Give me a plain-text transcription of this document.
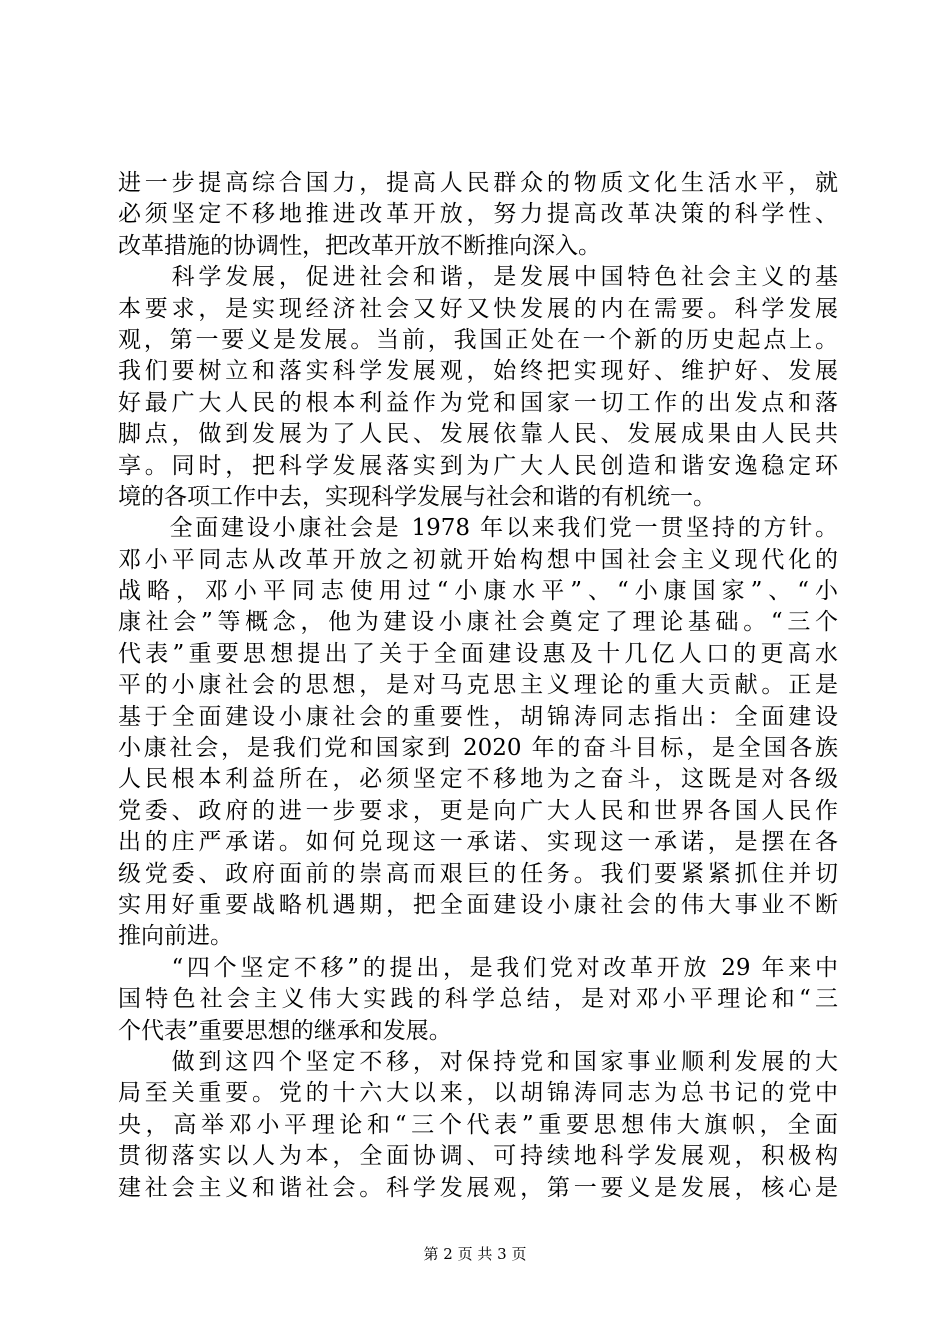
进一步提高综合国力，提高人民群众的物质文化生活水平，就
必须坚定不移地推进改革开放，努力提高改革决策的科学性、
改革措施的协调性，把改革开放不断推向深入。
　　科学发展，促进社会和谐，是发展中国特色社会主义的基
本要求，是实现经济社会又好又快发展的内在需要。科学发展
观，第一要义是发展。当前，我国正处在一个新的历史起点上。
我们要树立和落实科学发展观，始终把实现好、维护好、发展
好最广大人民的根本利益作为党和国家一切工作的出发点和落
脚点，做到发展为了人民、发展依靠人民、发展成果由人民共
享。同时，把科学发展落实到为广大人民创造和谐安逸稳定环
境的各项工作中去，实现科学发展与社会和谐的有机统一。
　　全面建设小康社会是 1978 年以来我们党一贯坚持的方针。
邓小平同志从改革开放之初就开始构想中国社会主义现代化的
战略，邓小平同志使用过“小康水平”、“小康国家”、“小
康社会”等概念，他为建设小康社会奠定了理论基础。“三个
代表”重要思想提出了关于全面建设惠及十几亿人口的更高水
平的小康社会的思想，是对马克思主义理论的重大贡献。正是
基于全面建设小康社会的重要性，胡锦涛同志指出：全面建设
小康社会，是我们党和国家到 2020 年的奋斗目标，是全国各族
人民根本利益所在，必须坚定不移地为之奋斗，这既是对各级
党委、政府的进一步要求，更是向广大人民和世界各国人民作
出的庄严承诺。如何兑现这一承诺、实现这一承诺，是摆在各
级党委、政府面前的崇高而艰巨的任务。我们要紧紧抓住并切
实用好重要战略机遇期，把全面建设小康社会的伟大事业不断
推向前进。
　　“四个坚定不移”的提出，是我们党对改革开放 29 年来中
国特色社会主义伟大实践的科学总结，是对邓小平理论和“三
个代表”重要思想的继承和发展。
　　做到这四个坚定不移，对保持党和国家事业顺利发展的大
局至关重要。党的十六大以来，以胡锦涛同志为总书记的党中
央，高举邓小平理论和“三个代表”重要思想伟大旗帜，全面
贯彻落实以人为本，全面协调、可持续地科学发展观，积极构
建社会主义和谐社会。科学发展观，第一要义是发展，核心是
第 2 页 共 3 页
